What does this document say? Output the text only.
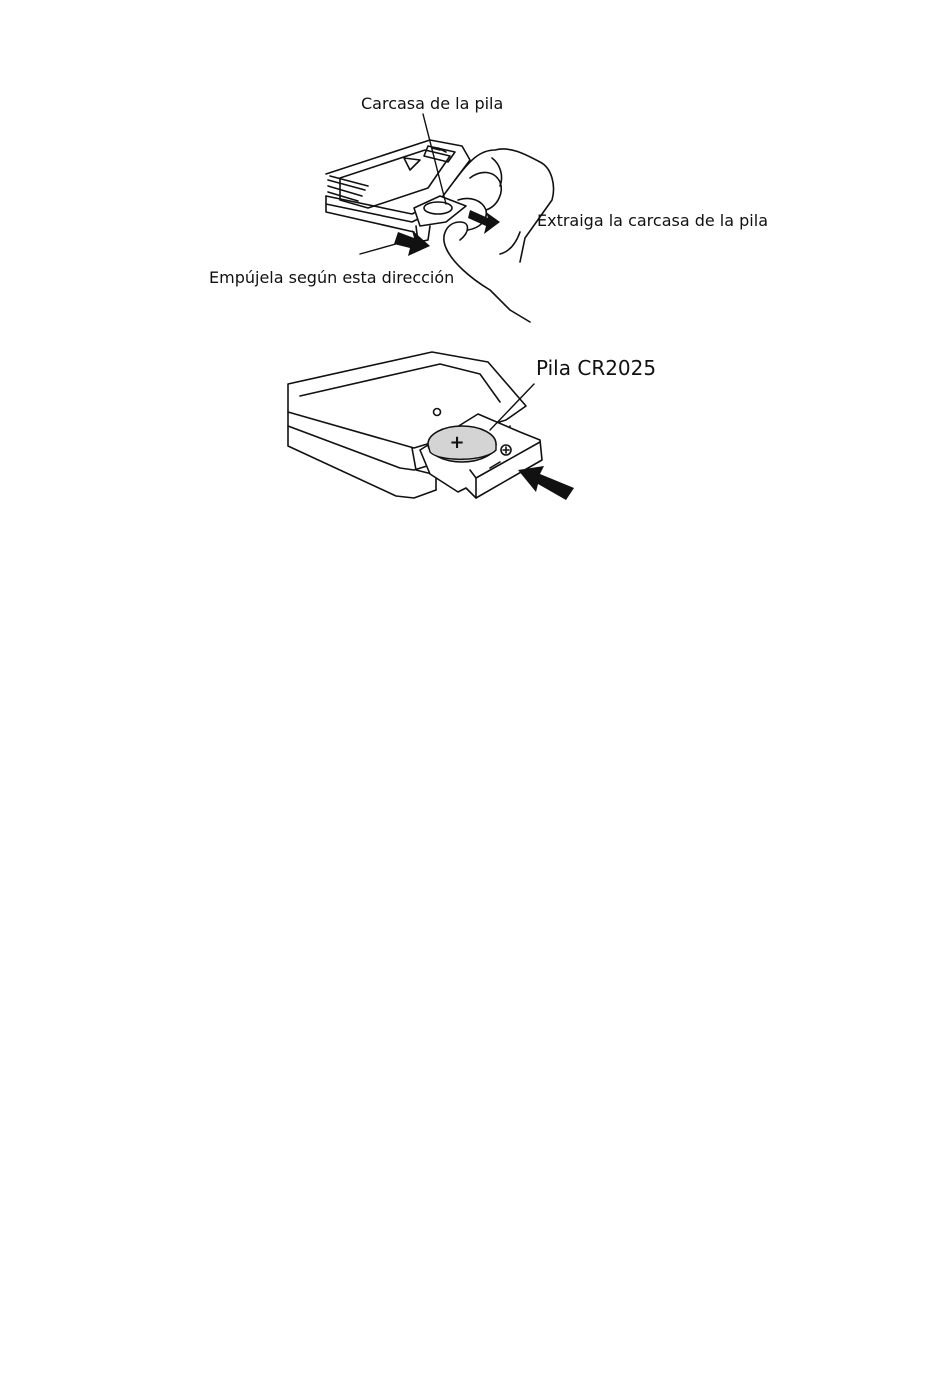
+
Carcasa de la pila
Extraiga la carcasa de la pila
Empújela según esta dirección
Pila CR2025
